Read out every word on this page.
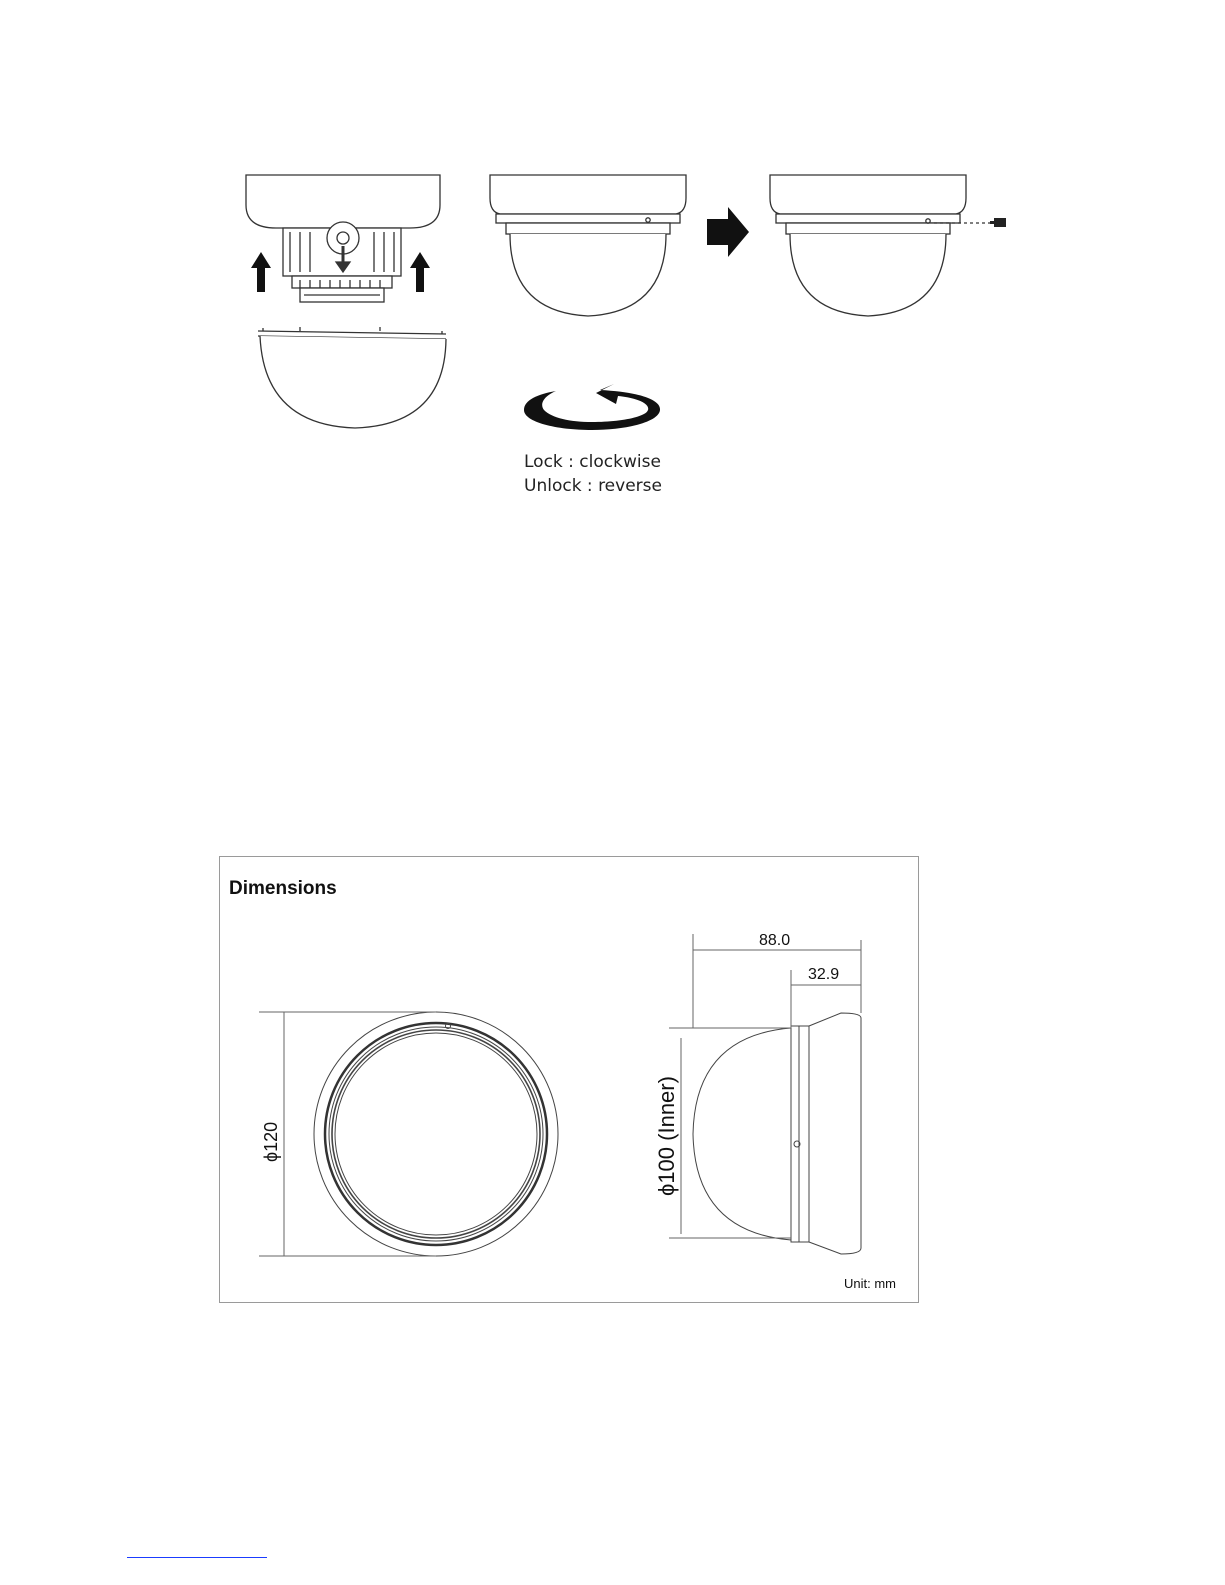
Lock : clockwise
Unlock : reverse
Dimensions
88.0
32.9
ϕ120	ϕ100 (Inner)
Unit: mm
